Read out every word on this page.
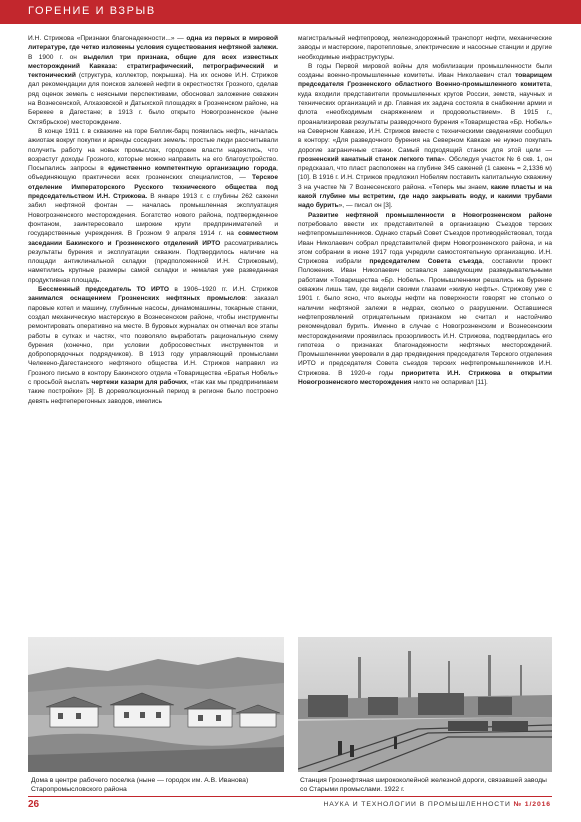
ГОРЕНИЕ И ВЗРЫВ

И.Н. Стрижова «Признаки благонадежности...» — одна из первых в мировой литературе, где четко изложены условия существования нефтяной залежи. В 1900 г. он выделил три признака, общие для всех известных месторождений Кавказа: стратиграфический, петрографический и тектонический (структура, коллектор, покрышка). На их основе И.Н. Стрижов дал рекомендации для поисков залежей нефти в окрестностях Грозного, сделав ряд оценок земель с неясными перспективами, обосновал заложение скважин на Вознесенской, Алхазовской и Датыхской площадях в Грозненском районе, на Берекее в Дагестане; в 1913 г. было открыто Новогрозненское (ныне Октябрьское) месторождение.

В конце 1911 г. в скважине на горе Беллик-барц появилась нефть, началась ажиотаж вокруг покупки и аренды соседних земель: простые люди рассчитывали получить работу на новых промыслах, городские власти надеялись, что возрастут доходы Грозного, которые можно направить на его благоустройство. Посыпались запросы в единственно компетентную организацию города, объединяющую практически всех грозненских специалистов, — Терское отделение Императорского Русского технического общества под председательством И.Н. Стрижова. В январе 1913 г. с глубины 262 сажени забил нефтяной фонтан — началась промышленная эксплуатация Новогрозненского месторождения. Богатство нового района, подтвержденное фонтаном, заинтересовало широкие круги предпринимателей и государственные учреждения. В Грозном 9 апреля 1914 г. на совместном заседании Бакинского и Грозненского отделений ИРТО рассматривались результаты бурения и эксплуатации скважин. Подтвердилось наличие на площади антиклинальной складки (предположенной И.Н. Стрижовым), наметились крупные размеры самой складки и немалая уже разведанная продуктивная площадь.

Бессменный председатель ТО ИРТО в 1906–1920 гг. И.Н. Стрижов занимался оснащением Грозненских нефтяных промыслов: заказал паровые котел и машину, глубинные насосы, динамомашины, токарные станки, создал механическую мастерскую в Вознесенском районе, чтобы инструменты ремонтировать оперативно на месте. В буровых журналах он отмечал все этапы работы в сутках и частях, что позволяло выработать рациональную схему бурения (конечно, при условии добросовестных инструментов и добропорядочных подрядчиков). В 1913 году управляющий промыслами Челекено-Дагестанского нефтяного общества И.Н. Стрижов направил из Грозного письмо в контору Бакинского отдела «Товарищества «Братья Нобель» с просьбой выслать чертежи казарм для рабочих, «так как мы предпринимаем такие постройки» [3]. В дореволюционный период в регионе было построено девять нефтеперегонных заводов, имелись

магистральный нефтепровод, железнодорожный транспорт нефти, механические заводы и мастерские, паротепловые, электрические и насосные станции и другие необходимые инфраструктуры.

В годы Первой мировой войны для мобилизации промышленности были созданы военно-промышленные комитеты. Иван Николаевич стал товарищем председателя Грозненского областного Военно-промышленного комитета, куда входили представители промышленных кругов России, земств, научных и технических организаций и др. Главная их задача состояла в снабжении армии и флота «необходимым снаряжением и продовольствием». В 1915 г., проанализировав результаты разведочного бурения «Товарищества «Бр. Нобель» на Северном Кавказе, И.Н. Стрижов вместе с техническими сведениями сообщил в контору: «Для разведочного бурения на Северном Кавказе не нужно покупать дорогие заграничные станки. Самый подходящий станок для этой цели — грозненский канатный станок легкого типа». Обследуя участок № 6 скв. 1, он предсказал, что пласт расположен на глубине 345 саженей (1 сажень = 2,1336 м) [10]. В 1916 г. И.Н. Стрижов предложил Нобелям поставить капитальную скважину 3 на участке № 7 Вознесенского района. «Теперь мы знаем, какие пласты и на какой глубине мы встретим, где надо закрывать воду, и какими трубами надо бурить», — писал он [3].

Развитие нефтяной промышленности в Новогрозненском районе потребовало ввести их представителей в организацию Съездов терских нефтепромышленников. Однако старый Совет Съездов противодействовал, тогда Иван Николаевич собрал представителей фирм Новогрозненского района, и на этом собрании в июне 1917 года учредили самостоятельную организацию. И.Н. Стрижова избрали председателем Совета съезда, составили проект Положения. Иван Николаевич оставался заведующим разведывательными работами «Товарищества «Бр. Нобель». Промышленники решались на бурение скважин лишь там, где видели своими глазами «живую нефть». Стрижову уже с 1901 г. было ясно, что выходы нефти на поверхности говорят не столько о наличии нефтяной залежи в недрах, сколько о разрушении. Оставшиеся нефтепроявлений отрицательным признаком не считал и настойчиво рекомендовал бурить. Именно в случае с Новогрозненским и Вознесенским месторождениями проявилась прозорливость И.Н. Стрижова, подтвердилась его гипотеза о признаках благонадежности нефтяных месторождений. Промышленники уверовали в дар предвидения председателя Терского отделения ИРТО и председателя Совета съездов терских нефтепромышленников И.Н. Стрижова. В 1920-е годы приоритета И.Н. Стрижова в открытии Новогрозненского месторождения никто не оспаривал [11].

Дома в центре рабочего поселка (ныне — городок им. А.В. Иванова) Старопромысловского района
Станция Грознефтяная ширококолейной железной дороги, связавшей заводы со Старыми промыслами. 1922 г.
26	НАУКА И ТЕХНОЛОГИИ В ПРОМЫШЛЕННОСТИ № 1/2016
